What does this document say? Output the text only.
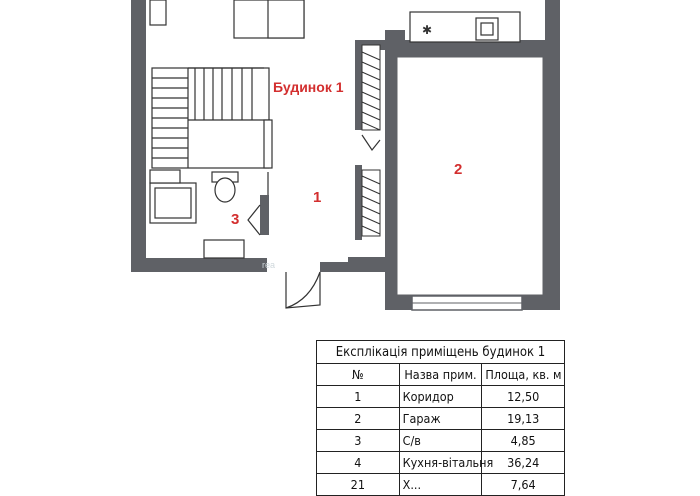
✱
Будинок 1
1
2
3
rea
Експлікація приміщень будинок 1		
№	Назва прим.	Площа, кв. м
1	Коридор	12,50
2	Гараж	19,13
3	С/в	4,85
4	Кухня-вітальня	36,24
21	Х...	7,64
